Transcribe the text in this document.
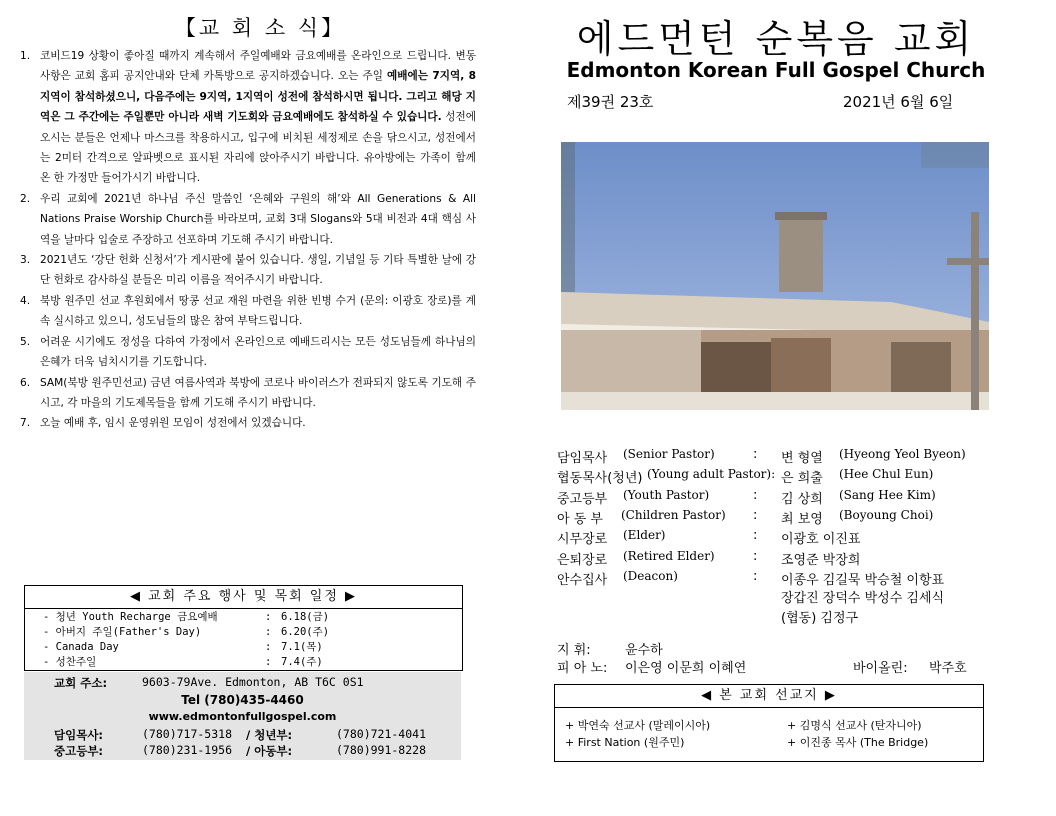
【교 회 소 식】
1. 코비드19 상황이 좋아질 때까지 계속해서 주일예배와 금요예배를 온라인으로 드립니다. 변동사항은 교회 홈피 공지안내와 단체 카톡방으로 공지하겠습니다. 오는 주일 예배에는 7지역, 8지역이 참석하셨으니, 다음주에는 9지역, 1지역이 성전에 참석하시면 됩니다. 그리고 해당 지역은 그 주간에는 주일뿐만 아니라 새벽 기도회와 금요예배에도 참석하실 수 있습니다. 성전에 오시는 분들은 언제나 마스크를 착용하시고, 입구에 비치된 세정제로 손을 닦으시고, 성전에서는 2미터 간격으로 알파벳으로 표시된 자리에 앉아주시기 바랍니다. 유아방에는 가족이 함께 온 한 가정만 들어가시기 바랍니다.
2. 우리 교회에 2021년 하나님 주신 말씀인 ‘은혜와 구원의 해’와 All Generations & All Nations Praise Worship Church를 바라보며, 교회 3대 Slogans와 5대 비전과 4대 핵심 사역을 날마다 입술로 주장하고 선포하며 기도해 주시기 바랍니다.
3. 2021년도 ‘강단 헌화 신청서’가 게시판에 붙어 있습니다. 생일, 기념일 등 기타 특별한 날에 강단 헌화로 감사하실 분들은 미리 이름을 적어주시기 바랍니다.
4. 북방 원주민 선교 후원회에서 땅콩 선교 재원 마련을 위한 빈병 수거 (문의: 이광호 장로)를 계속 실시하고 있으니, 성도님들의 많은 참여 부탁드립니다.
5. 어려운 시기에도 정성을 다하여 가정에서 온라인으로 예배드리시는 모든 성도님들께 하나님의 은혜가 더욱 넘치시기를 기도합니다.
6. SAM(북방 원주민선교) 금년 여름사역과 북방에 코로나 바이러스가 전파되지 않도록 기도해 주시고, 각 마을의 기도제목들을 함께 기도해 주시기 바랍니다.
7. 오늘 예배 후, 임시 운영위원 모임이 성전에서 있겠습니다.
◀ 교회 주요 행사 및 목회 일정 ▶
- 청년 Youth Recharge 금요예배	: 6.18(금)
- 아버지 주일(Father's Day)	: 6.20(주)
- Canada Day	: 7.1(목)
- 성찬주일	: 7.4(주)
교회 주소:	9603-79Ave. Edmonton, AB T6C 0S1
Tel (780)435-4460
www.edmontonfullgospel.com
담임목사:	(780)717-5318 / 청년부:	(780)721-4041
중고등부:	(780)231-1956 / 아동부:	(780)991-8228
에드먼턴 순복음 교회
Edmonton Korean Full Gospel Church
제39권 23호	2021년 6월 6일
담임목사 (Senior Pastor)	: 변 형열 (Hyeong Yeol Byeon)
협동목사(청년) (Young adult Pastor): 은 희출 (Hee Chul Eun)
중고등부 (Youth Pastor)	: 김 상희 (Sang Hee Kim)
아 동 부 (Children Pastor) : 최 보영 (Boyoung Choi)
시무장로 (Elder)	: 이광호 이진표
은퇴장로 (Retired Elder)	: 조영준 박장희
안수집사 (Deacon)	: 이종우 김길묵 박승철 이항표
장갑진 장덕수 박성수 김세식
(협동) 김정구
지 휘:	윤수하
피 아 노: 이은영 이문희 이혜연	바이올린: 박주호
◀ 본 교회 선교지 ▶
+ 박연숙 선교사 (말레이시아)	+ 김명식 선교사 (탄자니아)
+ First Nation (원주민)	+ 이진종 목사 (The Bridge)
